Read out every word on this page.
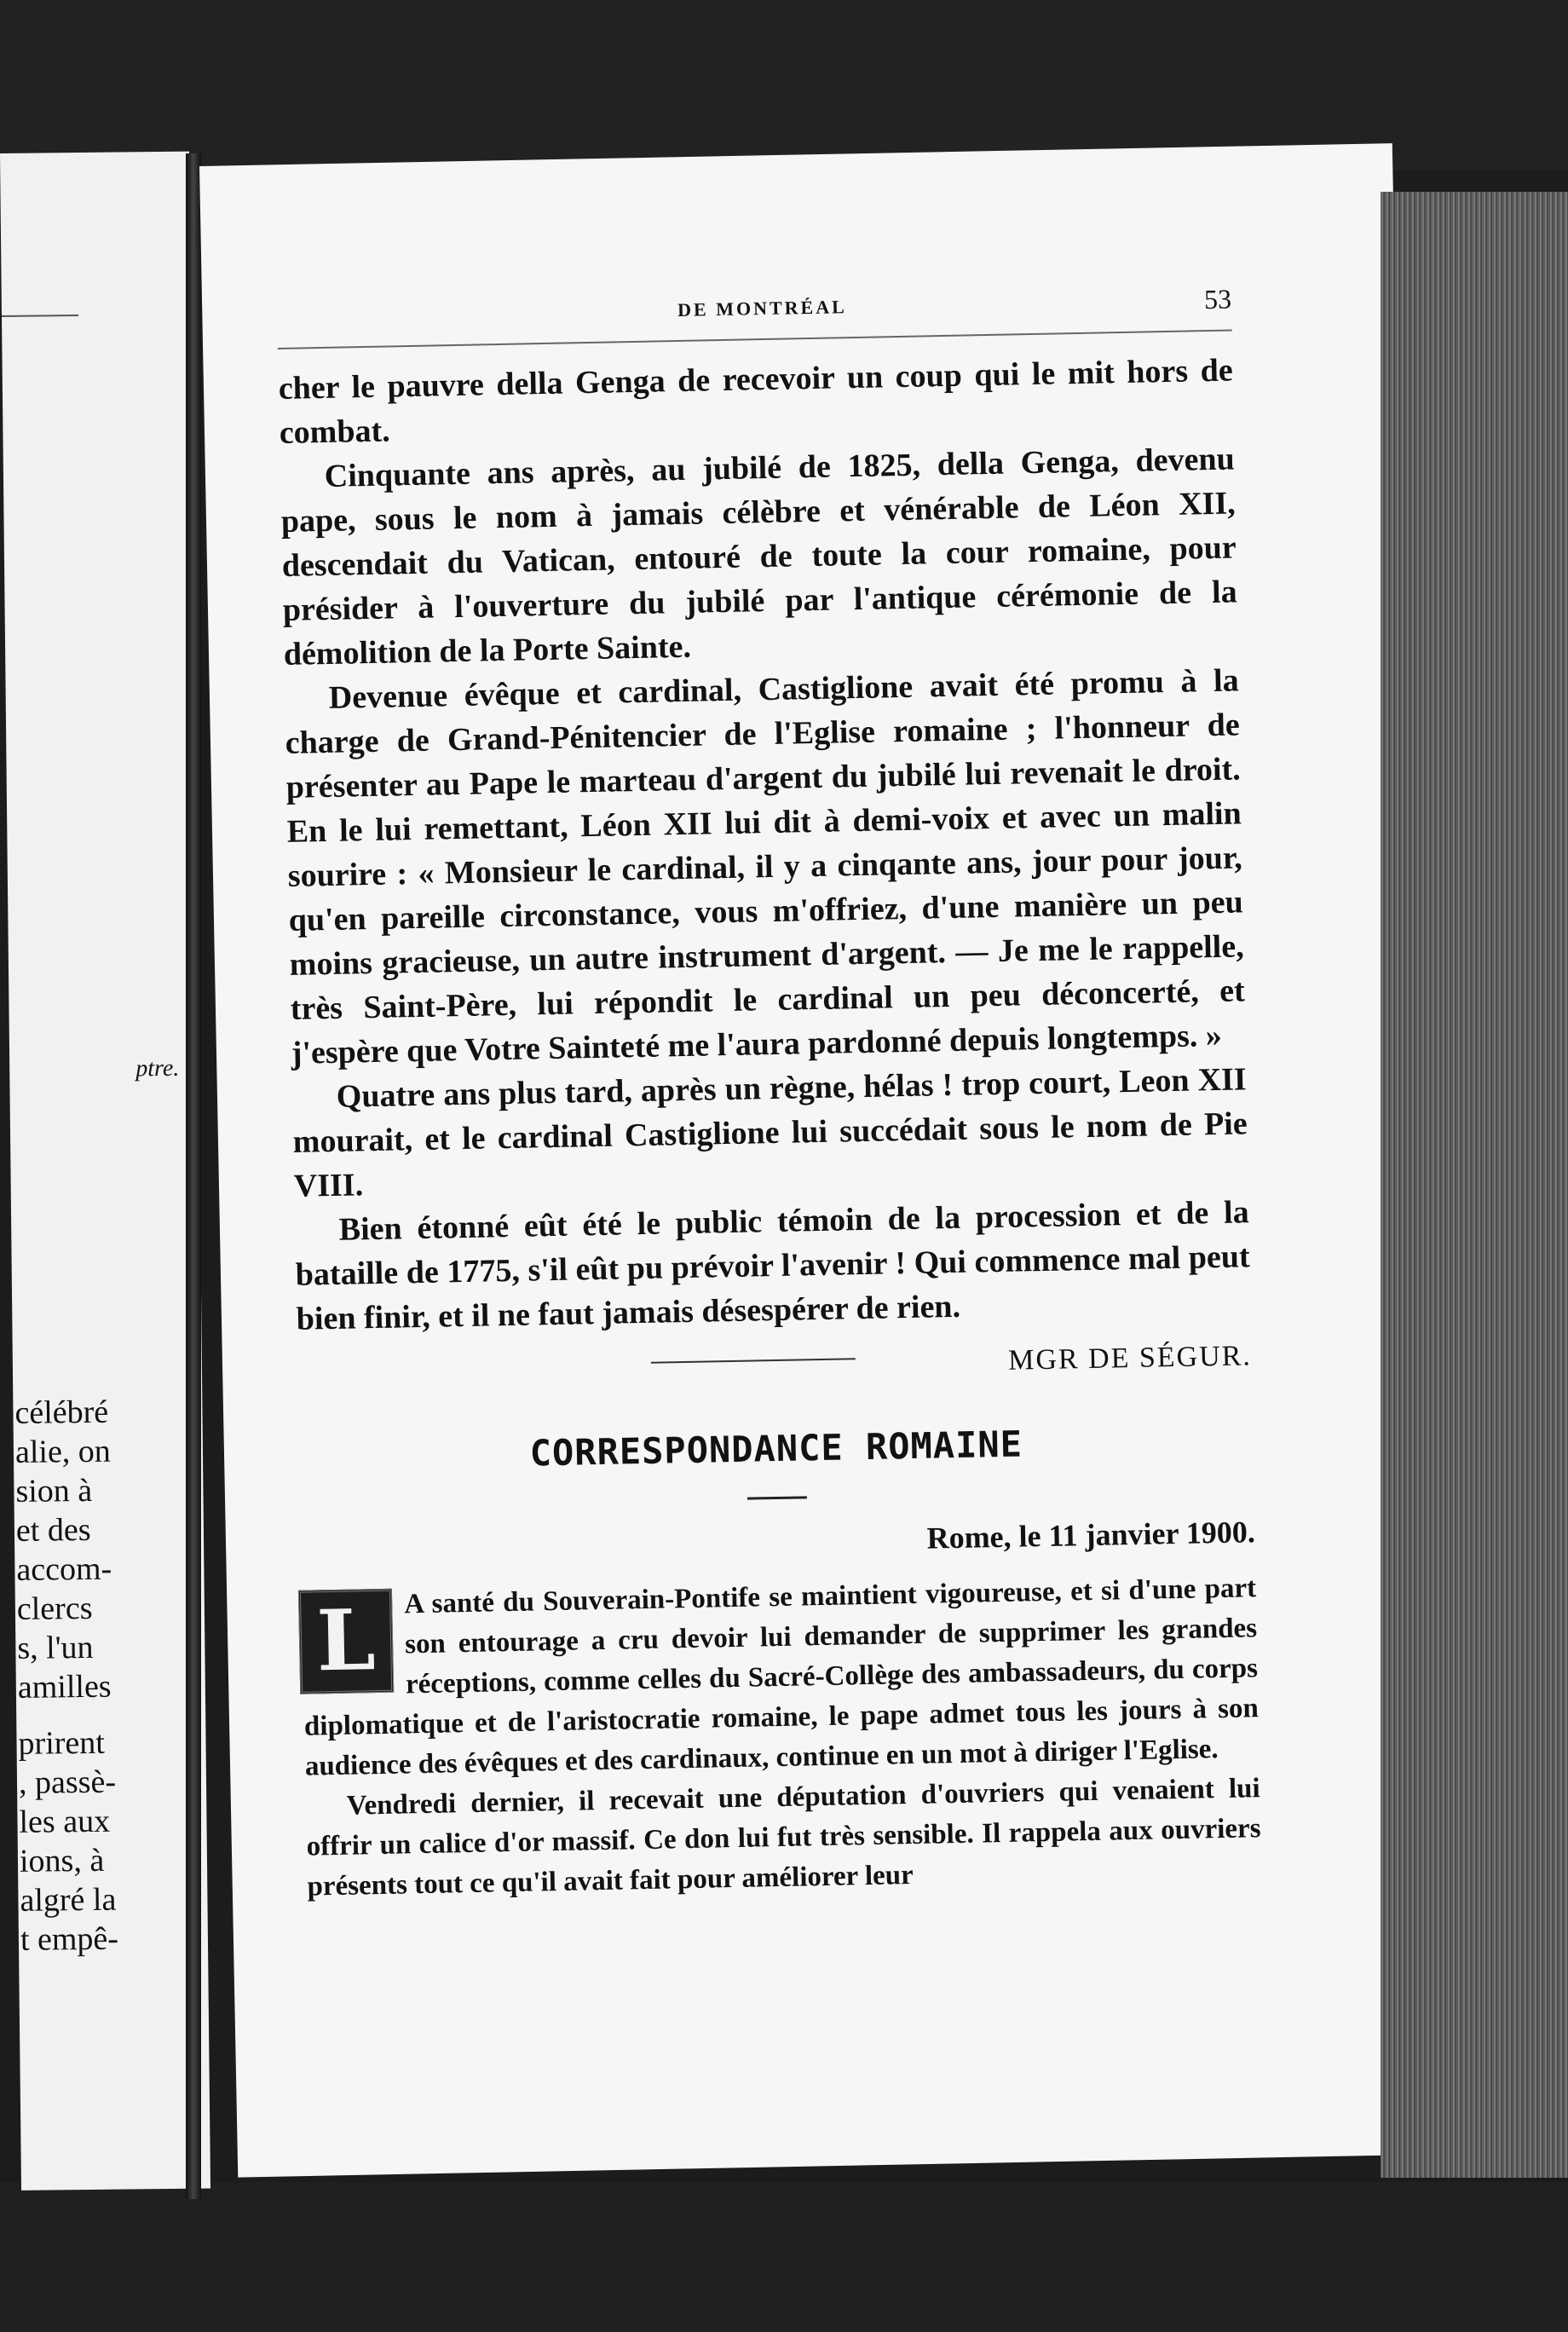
ptre.
célébré
alie, on
sion à
et des
accom-
clercs
s, l'un
amilles
prirent
, passè-
les aux
ions, à
algré la
t empê-
DE MONTRÉAL	53

cher le pauvre della Genga de recevoir un coup qui le mit hors de combat.

Cinquante ans après, au jubilé de 1825, della Genga, devenu pape, sous le nom à jamais célèbre et vénérable de Léon XII, descendait du Vatican, entouré de toute la cour romaine, pour présider à l'ouverture du jubilé par l'antique cérémonie de la démolition de la Porte Sainte.

Devenue évêque et cardinal, Castiglione avait été promu à la charge de Grand-Pénitencier de l'Eglise romaine ; l'honneur de présenter au Pape le marteau d'argent du jubilé lui revenait le droit. En le lui remettant, Léon XII lui dit à demi-voix et avec un malin sourire : « Monsieur le cardinal, il y a cinqante ans, jour pour jour, qu'en pareille circonstance, vous m'offriez, d'une manière un peu moins gracieuse, un autre instrument d'argent. — Je me le rappelle, très Saint-Père, lui répondit le cardinal un peu déconcerté, et j'espère que Votre Sainteté me l'aura pardonné depuis longtemps. »

Quatre ans plus tard, après un règne, hélas ! trop court, Leon XII mourait, et le cardinal Castiglione lui succédait sous le nom de Pie VIII.

Bien étonné eût été le public témoin de la procession et de la bataille de 1775, s'il eût pu prévoir l'avenir ! Qui commence mal peut bien finir, et il ne faut jamais désespérer de rien.

MGR DE SÉGUR.
CORRESPONDANCE ROMAINE
Rome, le 11 janvier 1900.
L A santé du Souverain-Pontife se maintient vigoureuse, et si d'une part son entourage a cru devoir lui demander de supprimer les grandes réceptions, comme celles du Sacré-Collège des ambassadeurs, du corps diplomatique et de l'aristocratie romaine, le pape admet tous les jours à son audience des évêques et des cardinaux, continue en un mot à diriger l'Eglise.

Vendredi dernier, il recevait une députation d'ouvriers qui venaient lui offrir un calice d'or massif. Ce don lui fut très sensible. Il rappela aux ouvriers présents tout ce qu'il avait fait pour améliorer leur
